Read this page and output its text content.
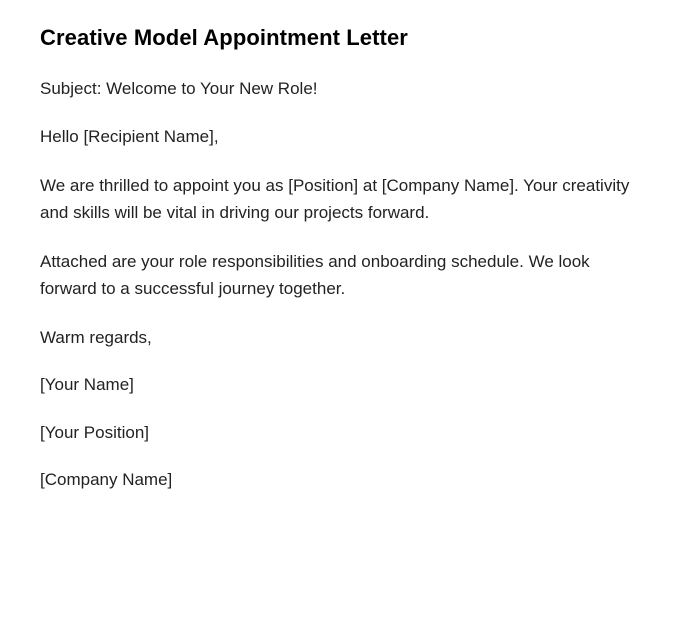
Creative Model Appointment Letter

Subject: Welcome to Your New Role!

Hello [Recipient Name],

We are thrilled to appoint you as [Position] at [Company Name]. Your creativity and skills will be vital in driving our projects forward.

Attached are your role responsibilities and onboarding schedule. We look forward to a successful journey together.

Warm regards,

[Your Name]

[Your Position]

[Company Name]
